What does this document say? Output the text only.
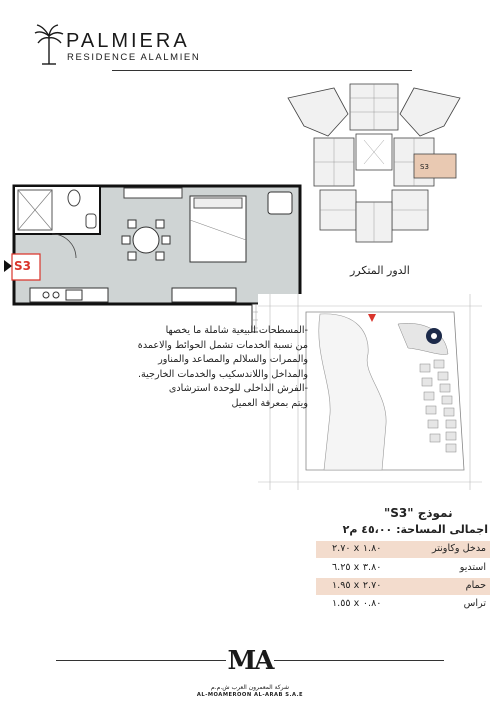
PALMIERA
RESIDENCE ALALMIEN
S3
S3
الدور المتكرر
-المسطحات البيعية شاملة ما يخصها
من نسبة الخدمات تشمل الحوائط والاعمدة
والممرات والسلالم والمصاعد والمناور
والمداخل واللاندسكيب والخدمات الخارجية.
-الفرش الداخلى للوحدة استرشادى
ويتم بمعرفة العميل
نموذج "S3"
اجمالى المساحة: ٤٥،٠٠ م٢
مدخل وكاونتر
٢.٧٠ x ١.٨٠
استديو
٦.٢٥ x ٣.٨٠
حمام
١.٩٥ x ٢.٧٠
تراس
١.٥٥ x ٠.٨٠
MA
شركة المعمرون العرب ش.م.م
AL-MOAMEROON AL-ARAB S.A.E
